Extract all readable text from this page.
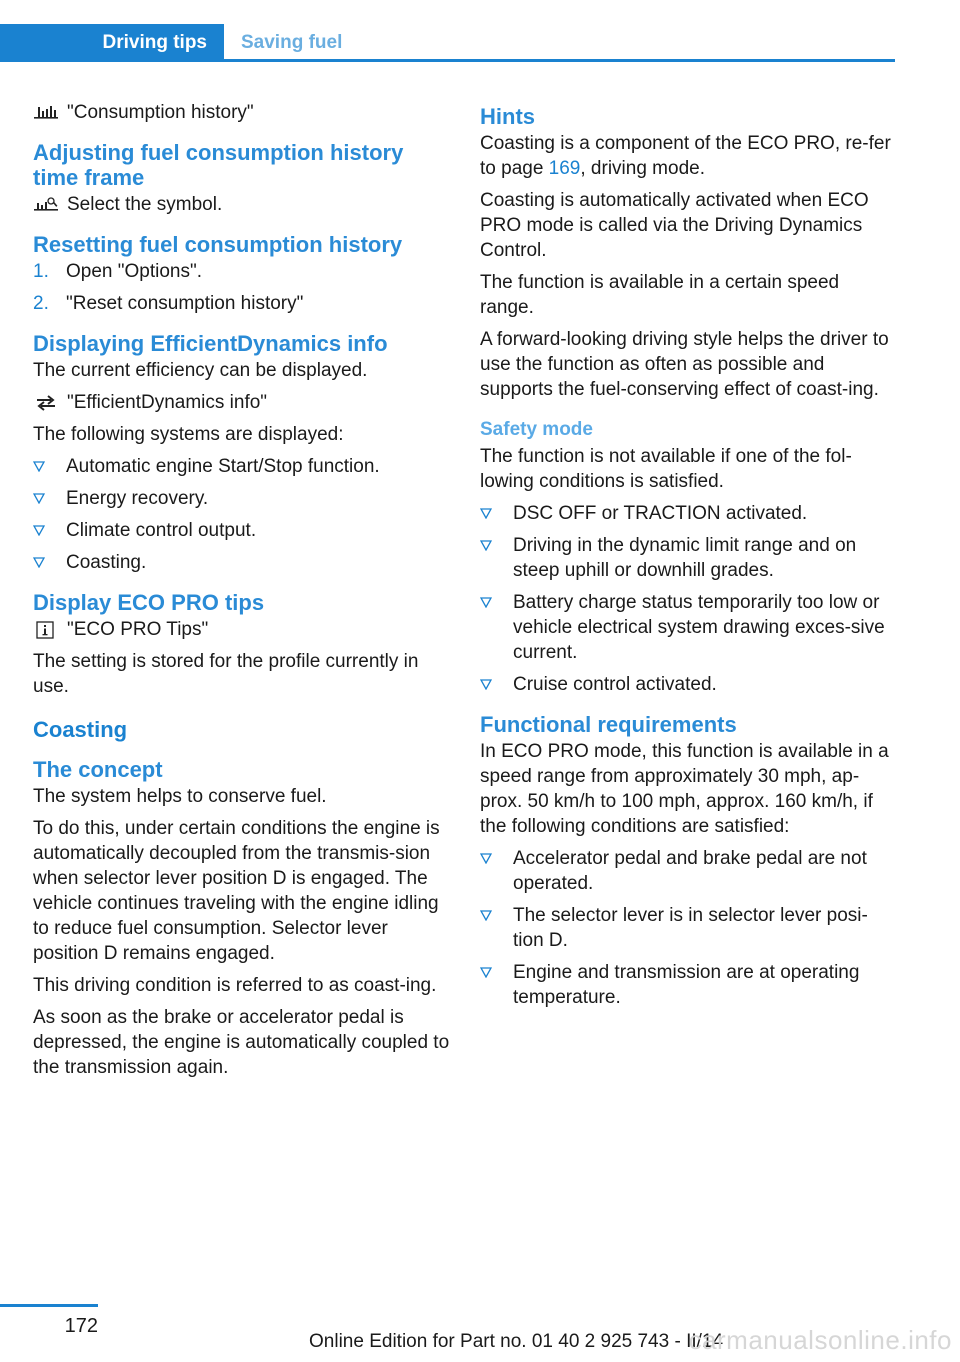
Driving tips	Saving fuel
"Consumption history"
Adjusting fuel consumption history time frame
Select the symbol.
Resetting fuel consumption history
1. Open "Options".
2. "Reset consumption history"
Displaying EfficientDynamics info

The current efficiency can be displayed.

"EfficientDynamics info"

The following systems are displayed:

Automatic engine Start/Stop function.
Energy recovery.
Climate control output.
Coasting.
Display ECO PRO tips
"ECO PRO Tips"

The setting is stored for the profile currently in use.

Coasting
The concept

The system helps to conserve fuel.

To do this, under certain conditions the engine is automatically decoupled from the transmis-sion when selector lever position D is engaged. The vehicle continues traveling with the engine idling to reduce fuel consumption. Selector lever position D remains engaged.

This driving condition is referred to as coast-ing.

As soon as the brake or accelerator pedal is depressed, the engine is automatically coupled to the transmission again.

Hints

Coasting is a component of the ECO PRO, re-fer to page 169, driving mode.

Coasting is automatically activated when ECO PRO mode is called via the Driving Dynamics Control.

The function is available in a certain speed range.

A forward-looking driving style helps the driver to use the function as often as possible and supports the fuel-conserving effect of coast-ing.

Safety mode

The function is not available if one of the fol-lowing conditions is satisfied.

DSC OFF or TRACTION activated.
Driving in the dynamic limit range and on steep uphill or downhill grades.
Battery charge status temporarily too low or vehicle electrical system drawing exces-sive current.
Cruise control activated.
Functional requirements

In ECO PRO mode, this function is available in a speed range from approximately 30 mph, ap-prox. 50 km/h to 100 mph, approx. 160 km/h, if the following conditions are satisfied:

Accelerator pedal and brake pedal are not operated.
The selector lever is in selector lever posi-tion D.
Engine and transmission are at operating temperature.
172
Online Edition for Part no. 01 40 2 925 743 - II/14
carmanualsonline.info
